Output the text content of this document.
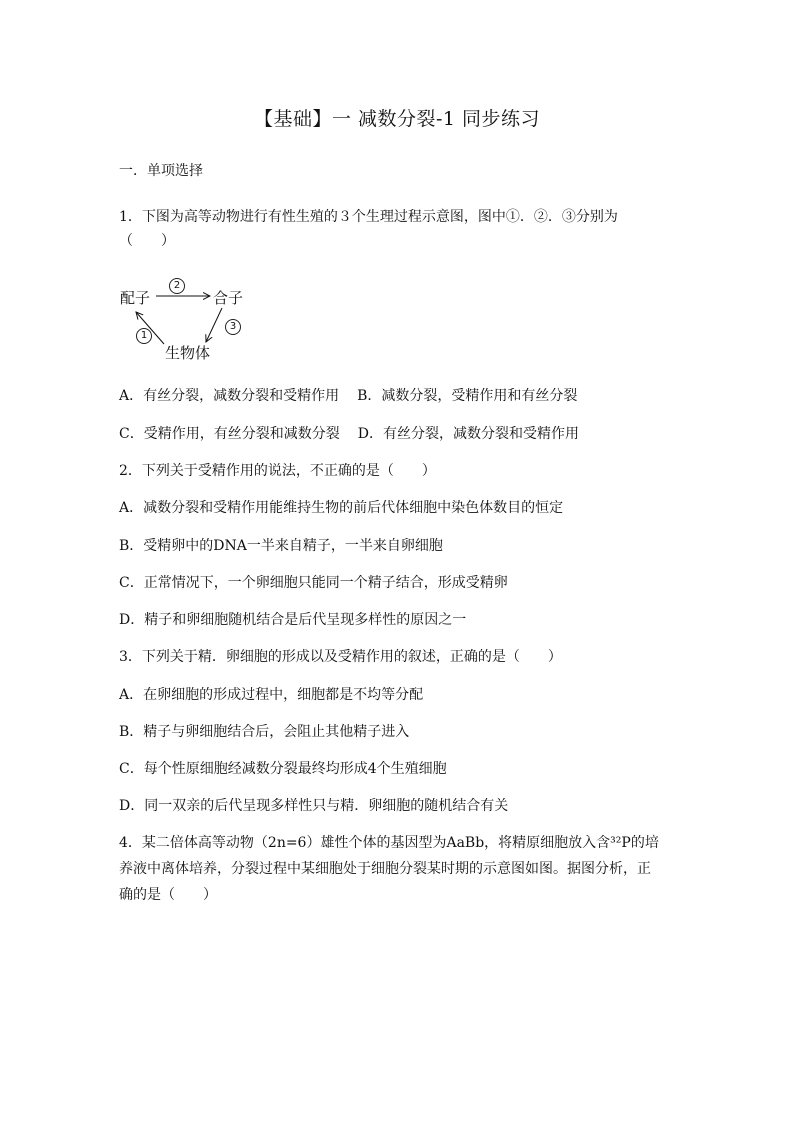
【基础】一 减数分裂-1 同步练习
一．单项选择
1．下图为高等动物进行有性生殖的３个生理过程示意图，图中①．②．③分别为
（　　）
配子	合子
生物体
2
3
1
A．有丝分裂，减数分裂和受精作用 B．减数分裂，受精作用和有丝分裂
C．受精作用，有丝分裂和减数分裂 D．有丝分裂，减数分裂和受精作用
2．下列关于受精作用的说法，不正确的是（　　）
A．减数分裂和受精作用能维持生物的前后代体细胞中染色体数目的恒定
B．受精卵中的DNA一半来自精子，一半来自卵细胞
C．正常情况下，一个卵细胞只能同一个精子结合，形成受精卵
D．精子和卵细胞随机结合是后代呈现多样性的原因之一
3．下列关于精．卵细胞的形成以及受精作用的叙述，正确的是（　　）
A．在卵细胞的形成过程中，细胞都是不均等分配
B．精子与卵细胞结合后，会阻止其他精子进入
C．每个性原细胞经减数分裂最终均形成4个生殖细胞
D．同一双亲的后代呈现多样性只与精．卵细胞的随机结合有关
4．某二倍体高等动物（2n=6）雄性个体的基因型为AaBb，将精原细胞放入含³²P的培
养液中离体培养，分裂过程中某细胞处于细胞分裂某时期的示意图如图。据图分析，正
确的是（　　）
